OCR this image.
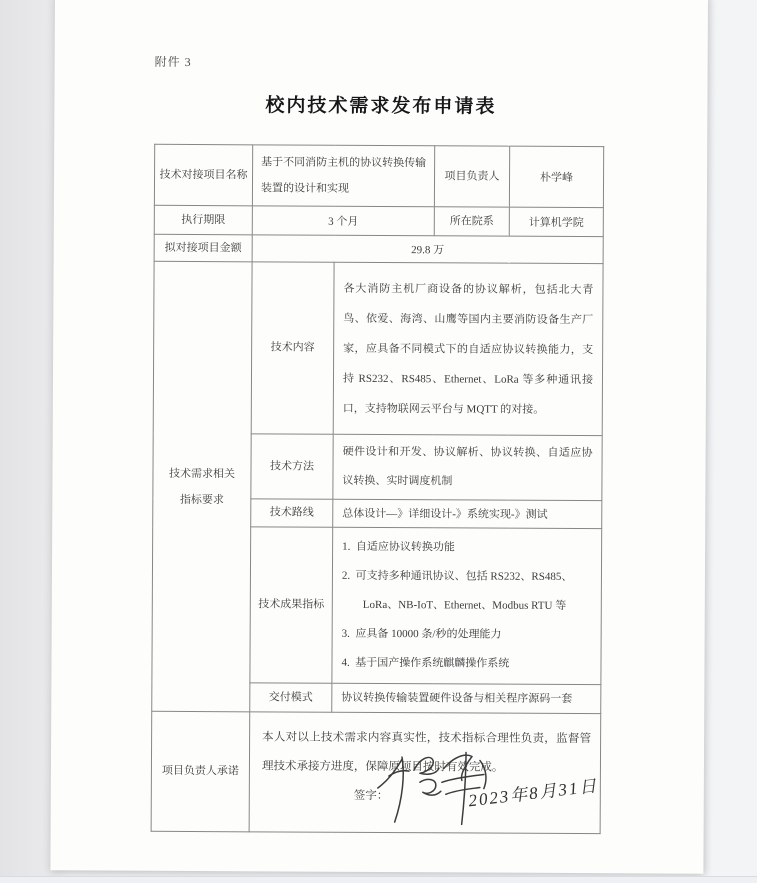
附件 3
校内技术需求发布申请表
技术对接项目名称	基于不同消防主机的协议转换传输装置的设计和实现		项目负责人	朴学峰
执行期限	3 个月		所在院系	计算机学院
拟对接项目金额	29.8 万			
技术需求相关
指标要求	技术内容	各大消防主机厂商设备的协议解析，包括北大青鸟、依爱、海湾、山鹰等国内主要消防设备生产厂家，应具备不同模式下的自适应协议转换能力，支持 RS232、RS485、Ethernet、LoRa 等多种通讯接口，支持物联网云平台与 MQTT 的对接。		
	技术方法	硬件设计和开发、协议解析、协议转换、自适应协议转换、实时调度机制		
	技术路线	总体设计—》详细设计-》系统实现-》测试		
	技术成果指标	1.  自适应协议转换功能
2.  可支持多种通讯协议、包括 RS232、RS485、LoRa、NB-IoT、Ethernet、Modbus RTU 等
3.  应具备 10000 条/秒的处理能力
4.  基于国产操作系统麒麟操作系统		

	交付模式	协议转换传输装置硬件设备与相关程序源码一套		
项目负责人承诺	本人对以上技术需求内容真实性，技术指标合理性负责，监督管理技术承接方进度，保障原项目按时有效完成。
签字： 2023年8月31日			
